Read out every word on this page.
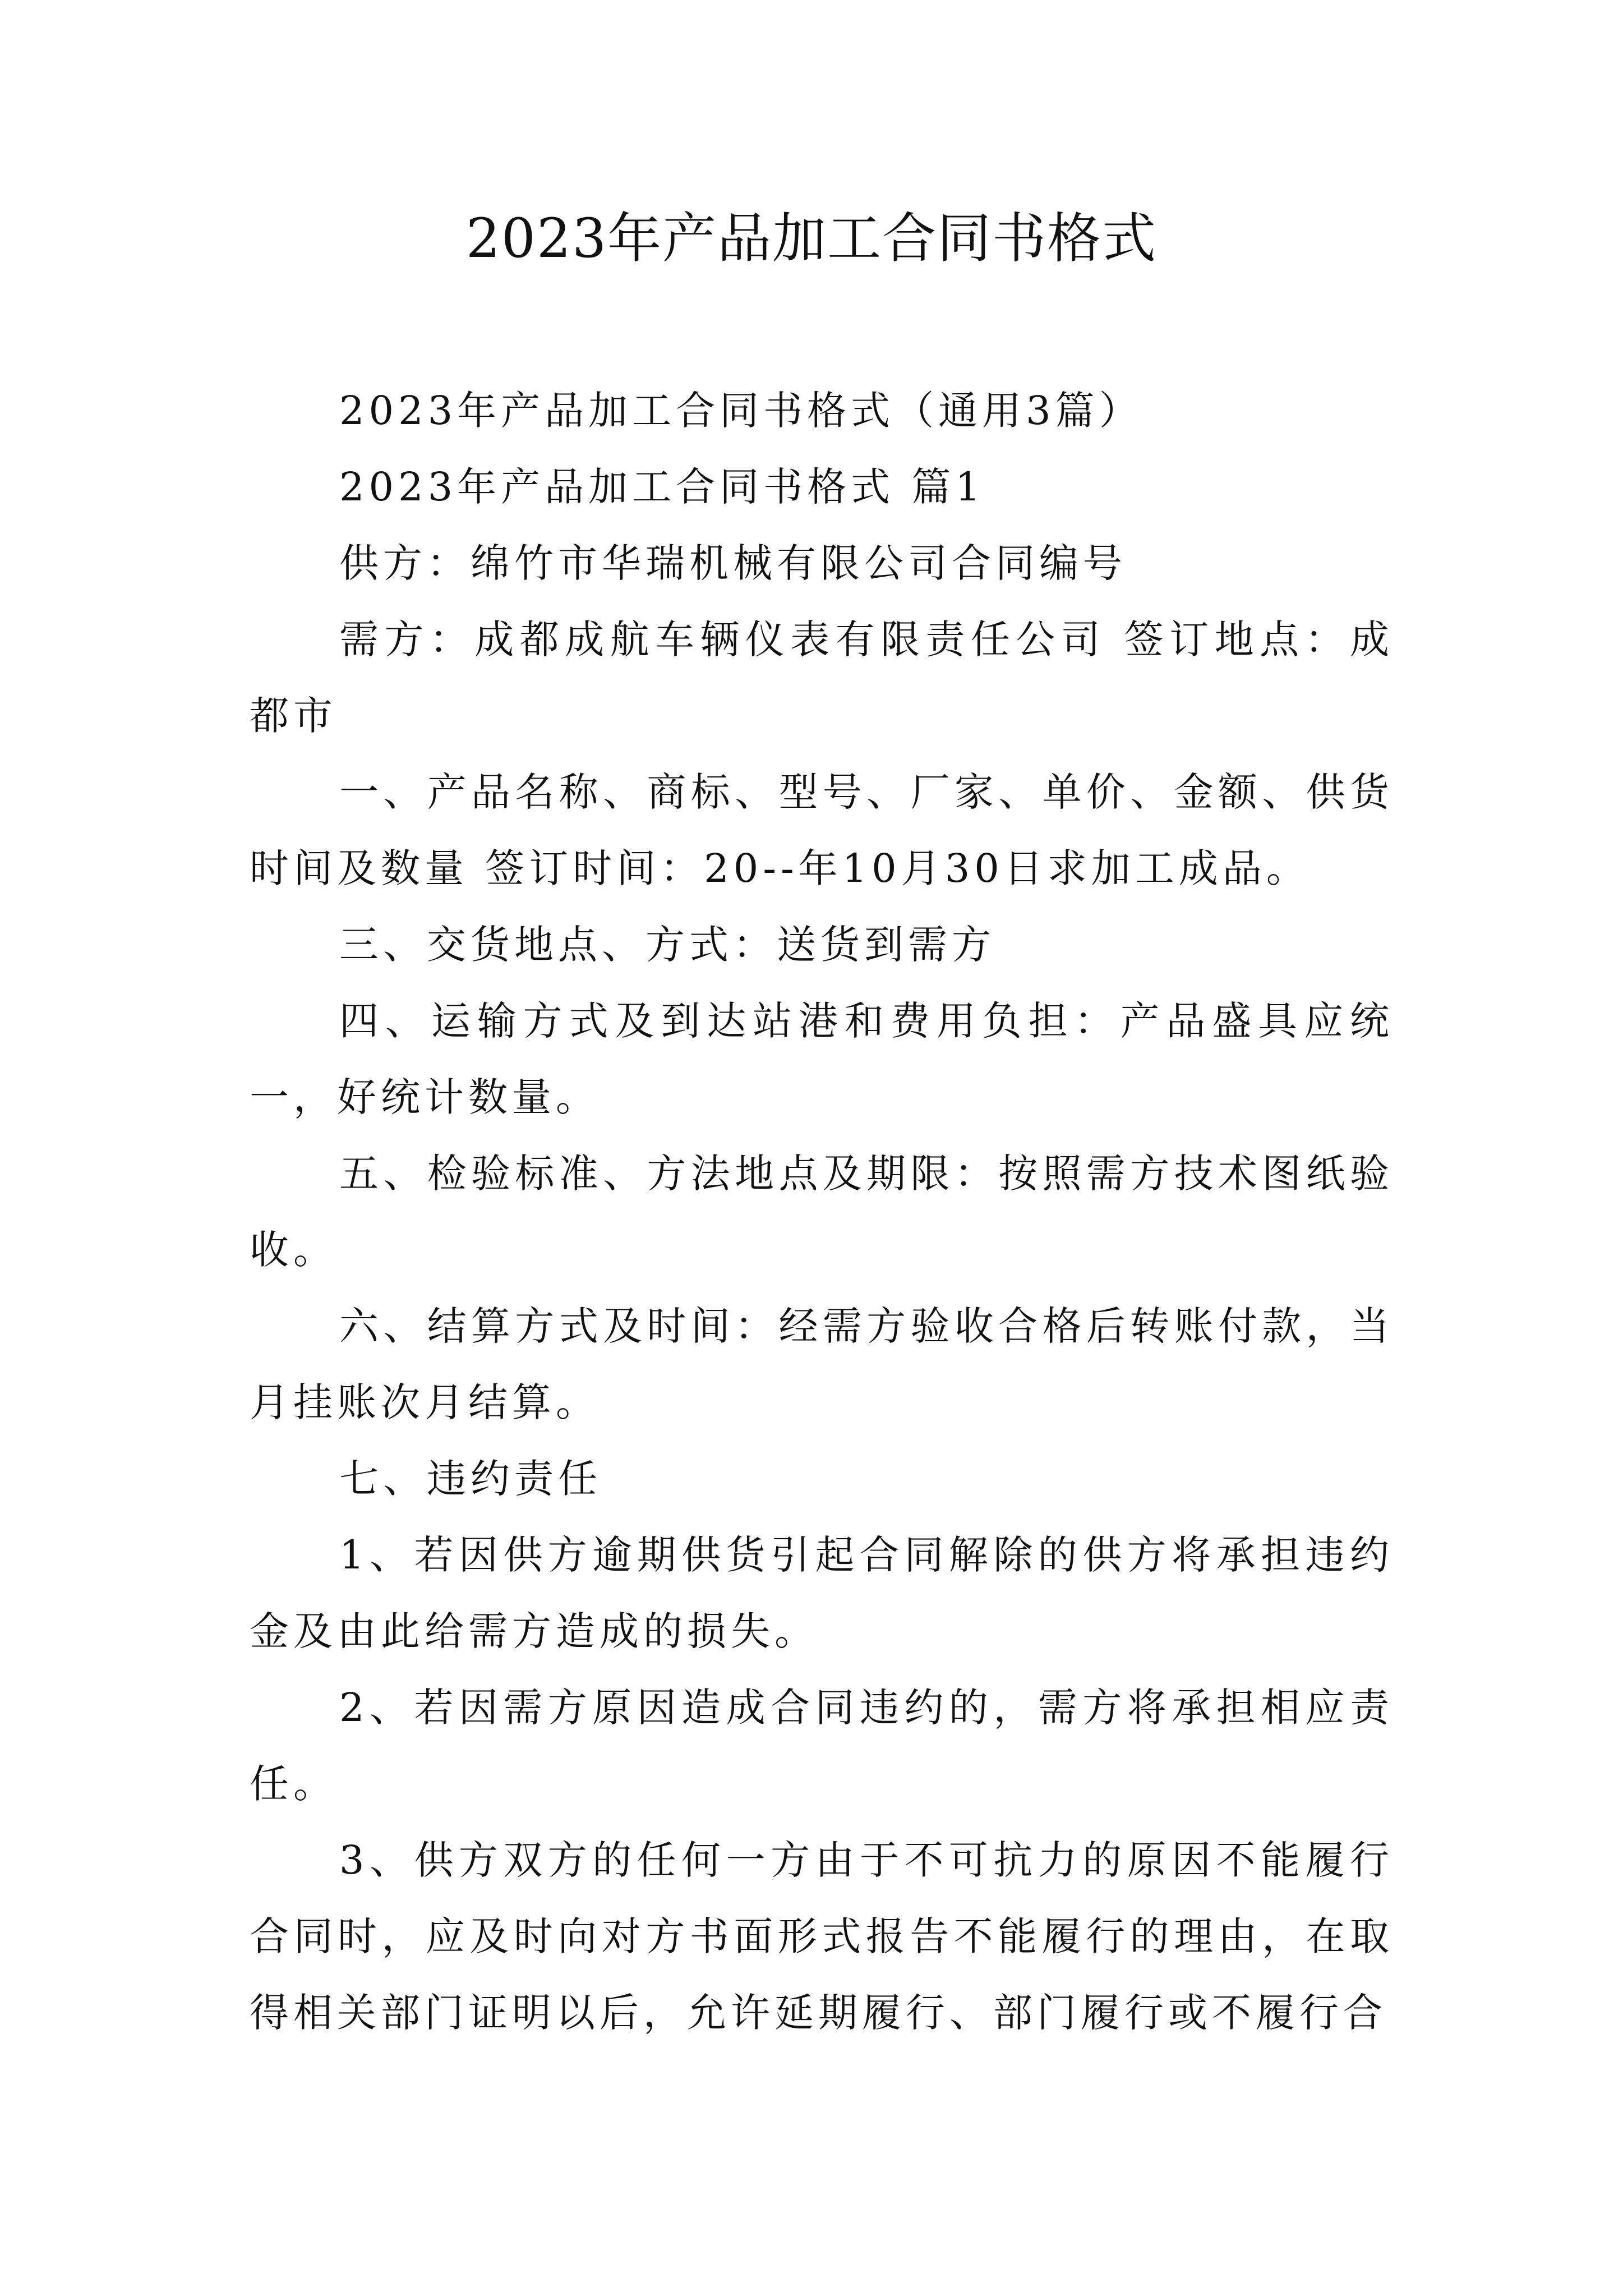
2023年产品加工合同书格式

2023年产品加工合同书格式（通用3篇）

2023年产品加工合同书格式 篇1

供方：绵竹市华瑞机械有限公司合同编号

需方：成都成航车辆仪表有限责任公司 签订地点：成都市

一、产品名称、商标、型号、厂家、单价、金额、供货时间及数量 签订时间：20--年10月30日求加工成品。

三、交货地点、方式：送货到需方

四、运输方式及到达站港和费用负担：产品盛具应统一，好统计数量。

五、检验标准、方法地点及期限：按照需方技术图纸验收。

六、结算方式及时间：经需方验收合格后转账付款，当月挂账次月结算。

七、违约责任

1、若因供方逾期供货引起合同解除的供方将承担违约金及由此给需方造成的损失。

2、若因需方原因造成合同违约的，需方将承担相应责任。

3、供方双方的任何一方由于不可抗力的原因不能履行合同时，应及时向对方书面形式报告不能履行的理由，在取得相关部门证明以后，允许延期履行、部门履行或不履行合
